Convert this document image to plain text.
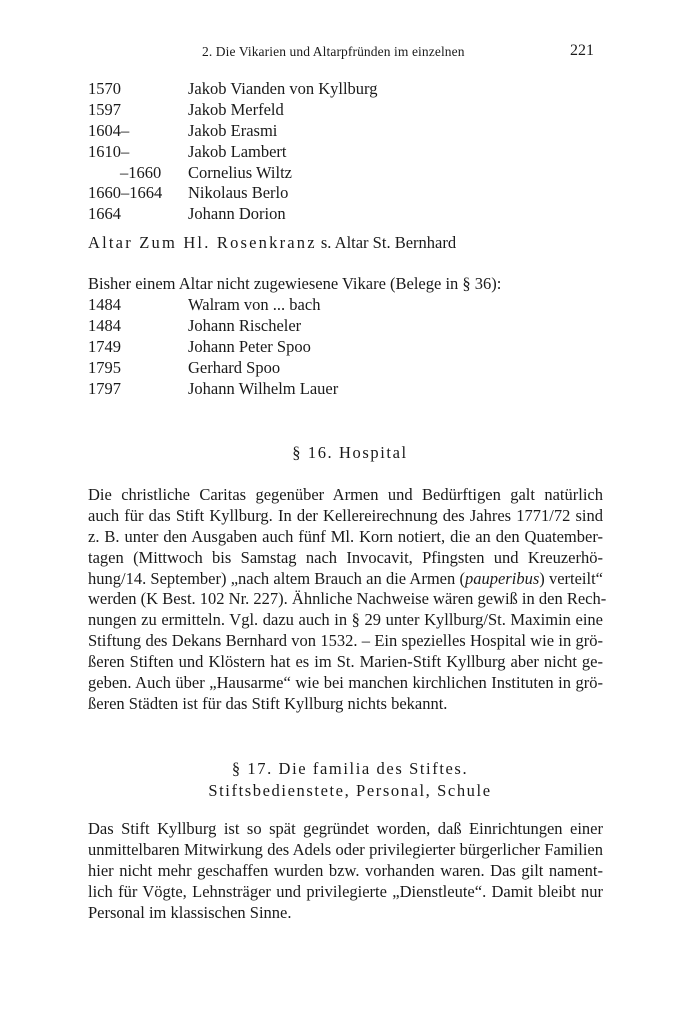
2. Die Vikarien und Altarpfründen im einzelnen	221
1570	Jakob Vianden von Kyllburg
1597	Jakob Merfeld
1604–	Jakob Erasmi
1610–	Jakob Lambert
–1660 Cornelius Wiltz
1660–1664 Nikolaus Berlo
1664	Johann Dorion
Altar Zum Hl. Rosenkranz s. Altar St. Bernhard
Bisher einem Altar nicht zugewiesene Vikare (Belege in § 36):
1484	Walram von ... bach
1484	Johann Rischeler
1749	Johann Peter Spoo
1795	Gerhard Spoo
1797	Johann Wilhelm Lauer
§ 16. Hospital
Die christliche Caritas gegenüber Armen und Bedürftigen galt natürlich
auch für das Stift Kyllburg. In der Kellereirechnung des Jahres 1771/72 sind
z. B. unter den Ausgaben auch fünf Ml. Korn notiert, die an den Quatember-
tagen (Mittwoch bis Samstag nach Invocavit, Pfingsten und Kreuzerhö-
hung/14. September) „nach altem Brauch an die Armen (pauperibus) verteilt“
werden (K Best. 102 Nr. 227). Ähnliche Nachweise wären gewiß in den Rech-
nungen zu ermitteln. Vgl. dazu auch in § 29 unter Kyllburg/St. Maximin eine
Stiftung des Dekans Bernhard von 1532. – Ein spezielles Hospital wie in grö-
ßeren Stiften und Klöstern hat es im St. Marien-Stift Kyllburg aber nicht ge-
geben. Auch über „Hausarme“ wie bei manchen kirchlichen Instituten in grö-
ßeren Städten ist für das Stift Kyllburg nichts bekannt.
§ 17. Die familia des Stiftes.
Stiftsbedienstete, Personal, Schule
Das Stift Kyllburg ist so spät gegründet worden, daß Einrichtungen einer
unmittelbaren Mitwirkung des Adels oder privilegierter bürgerlicher Familien
hier nicht mehr geschaffen wurden bzw. vorhanden waren. Das gilt nament-
lich für Vögte, Lehnsträger und privilegierte „Dienstleute“. Damit bleibt nur
Personal im klassischen Sinne.
